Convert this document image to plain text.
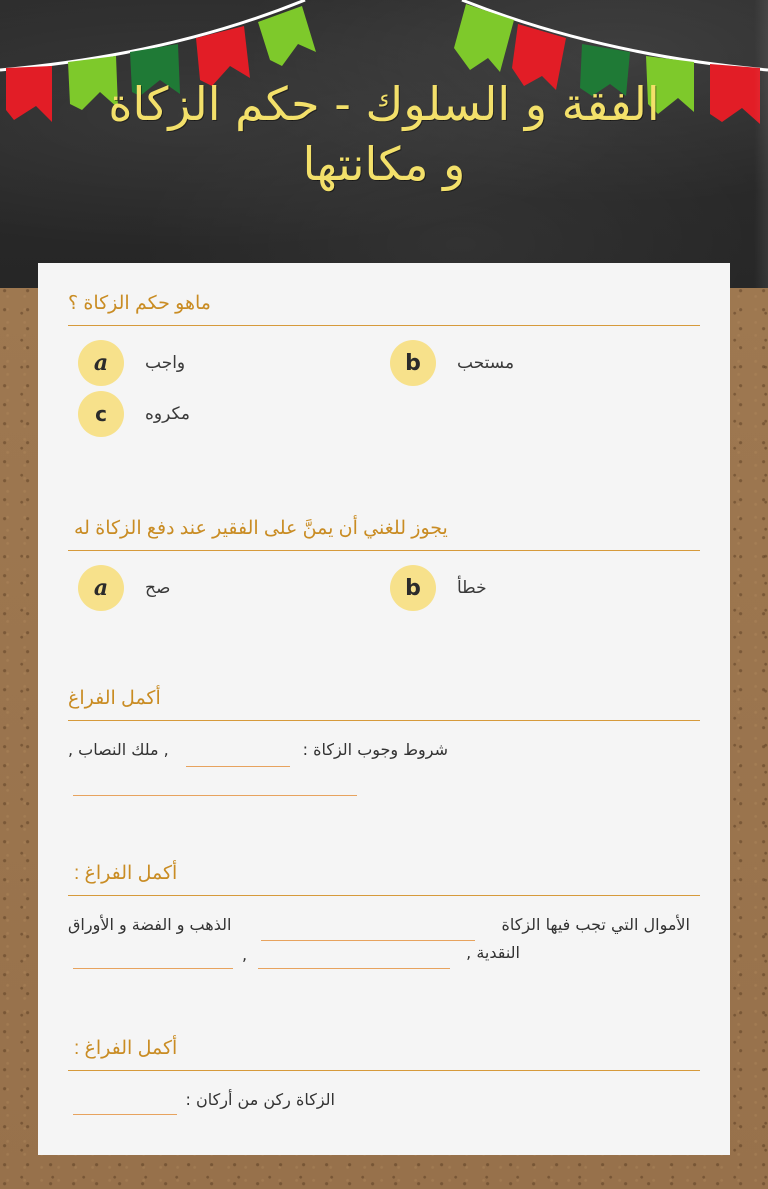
الفقة و السلوك - حكم الزكاة
و مكانتها
ماهو حكم الزكاة ؟
a	واجب	b	مستحب
c	مكروه
يجوز للغني أن يمنَّ على الفقير عند دفع الزكاة له
a	صح	b	خطأ
أكمل الفراغ
شروط وجوب الزكاة :
, ملك النصاب ,
أكمل الفراغ :
الأموال التي تجب فيها الزكاة
الذهب و الفضة و الأوراق
النقدية ,
,
أكمل الفراغ :
الزكاة ركن من أركان :
